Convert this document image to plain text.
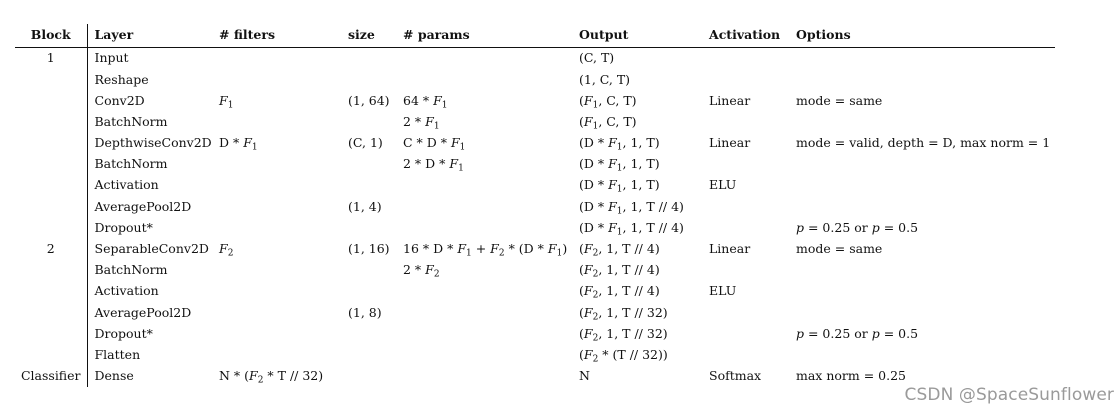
Block	Layer	# filters	size	# params	Output	Activation	Options
1	Input				(C, T)		
	Reshape				(1, C, T)		
	Conv2D	$F_1$	(1, 64)	$64 * F_1$	($F_1$, C, T)	Linear	mode = same
	BatchNorm			$2 * F_1$	($F_1$, C, T)		
	DepthwiseConv2D	D * $F_1$	(C, 1)	C * D * $F_1$	($D * F_1$, 1, T)	Linear	mode = valid, depth = D, max norm = 1
	BatchNorm			2 * D * $F_1$	($D * F_1$, 1, T)		
	Activation				($D * F_1$, 1, T)	ELU	
	AveragePool2D		(1, 4)		($D * F_1$, 1, T // 4)		
	Dropout*				($D * F_1$, 1, T // 4)		p = 0.25 or p = 0.5
2	SeparableConv2D	$F_2$	(1, 16)	$16 * D * F_1 + F_2 * (D * F_1)$	($F_2$, 1, T // 4)	Linear	mode = same
	BatchNorm			$2 * F_2$	($F_2$, 1, T // 4)		
	Activation				($F_2$, 1, T // 4)	ELU	
	AveragePool2D		(1, 8)		($F_2$, 1, T // 32)		
	Dropout*				($F_2$, 1, T // 32)		p = 0.25 or p = 0.5
	Flatten				$(F_2 * (T // 32))$		
Classifier	Dense	N * ($F_2$ * T // 32)			N	Softmax	max norm = 0.25
CSDN @SpaceSunflower
